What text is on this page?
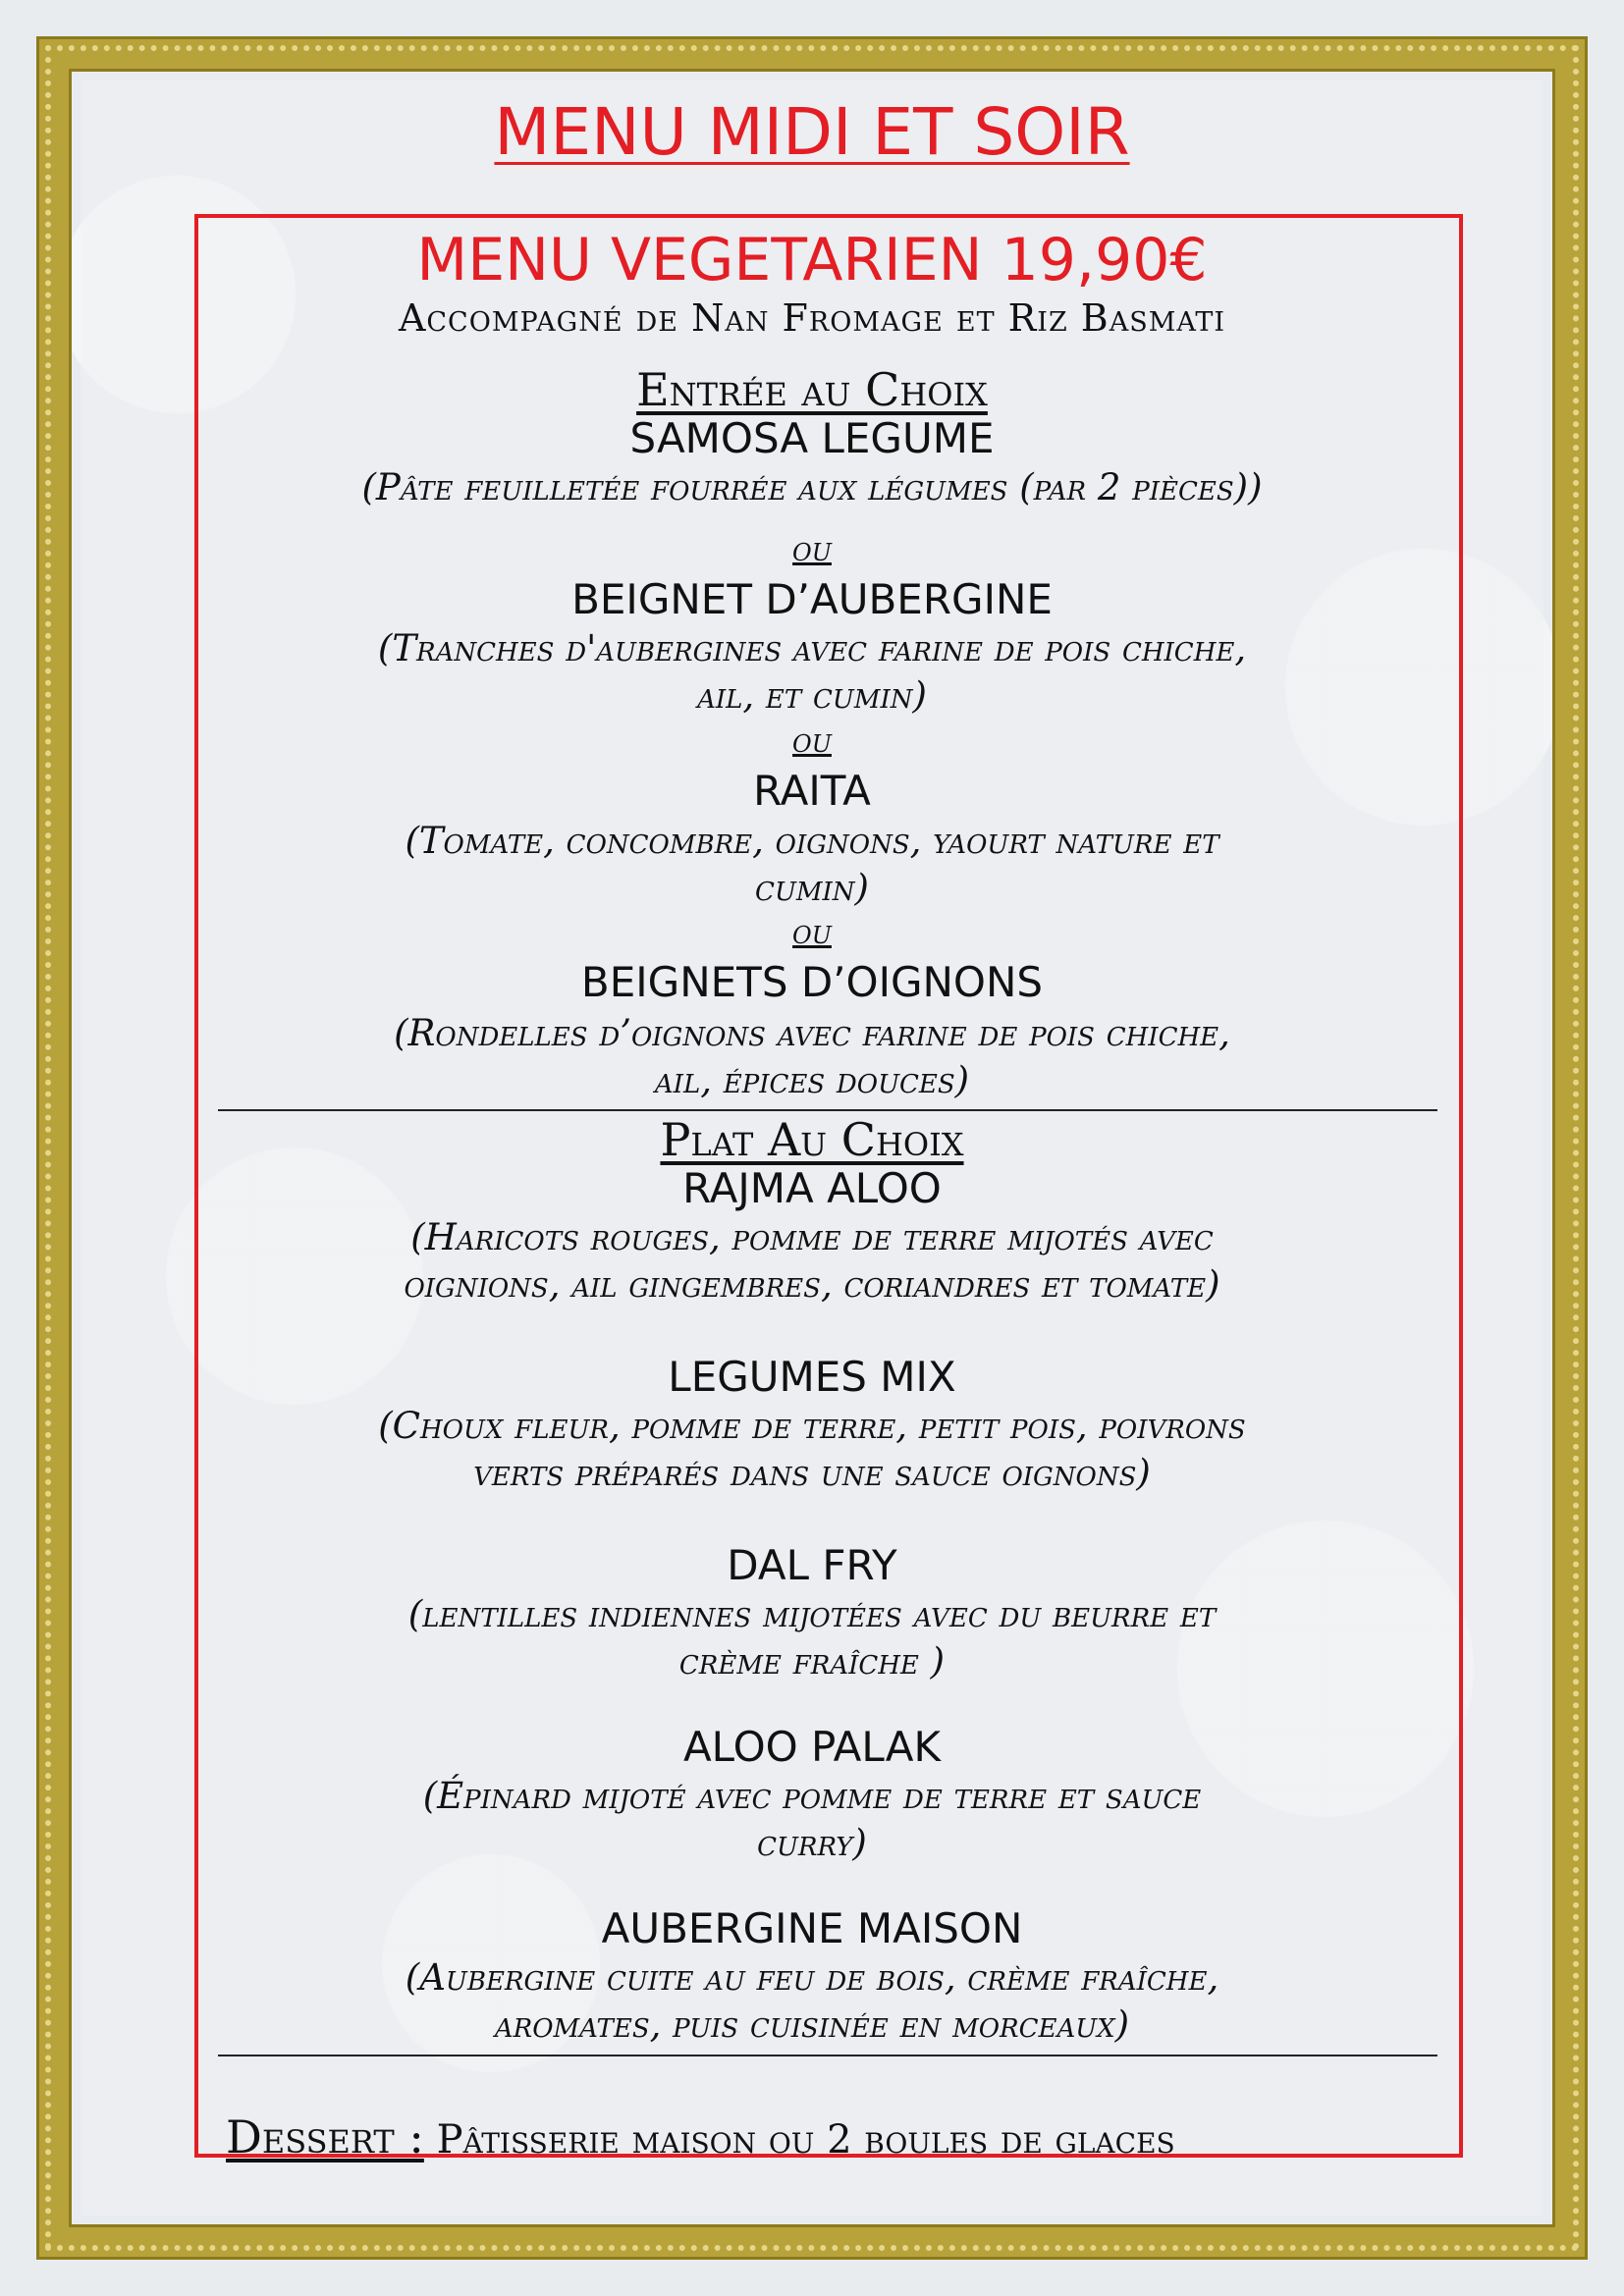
MENU MIDI ET SOIR
MENU VEGETARIEN 19,90€
Accompagné de Nan Fromage et Riz Basmati
Entrée au Choix
SAMOSA LEGUME
(Pâte feuilletée fourrée aux légumes (par 2 pièces))
ou
BEIGNET D’AUBERGINE
(Tranches d'aubergines avec farine de pois chiche,
ail, et cumin)
ou
RAITA
(Tomate, concombre, oignons, yaourt nature et
cumin)
ou
BEIGNETS D’OIGNONS
(Rondelles d’oignons avec farine de pois chiche,
ail, épices douces)
Plat Au Choix
RAJMA ALOO
(Haricots rouges, pomme de terre mijotés avec
oignions, ail gingembres, coriandres et tomate)
LEGUMES MIX
(Choux fleur, pomme de terre, petit pois, poivrons
verts préparés dans une sauce oignons)
DAL FRY
(lentilles indiennes mijotées avec du beurre et
crème fraîche )
ALOO PALAK
(Épinard mijoté avec pomme de terre et sauce
curry)
AUBERGINE MAISON
(Aubergine cuite au feu de bois, crème fraîche,
aromates, puis cuisinée en morceaux)
Dessert : Pâtisserie maison ou 2 boules de glaces
